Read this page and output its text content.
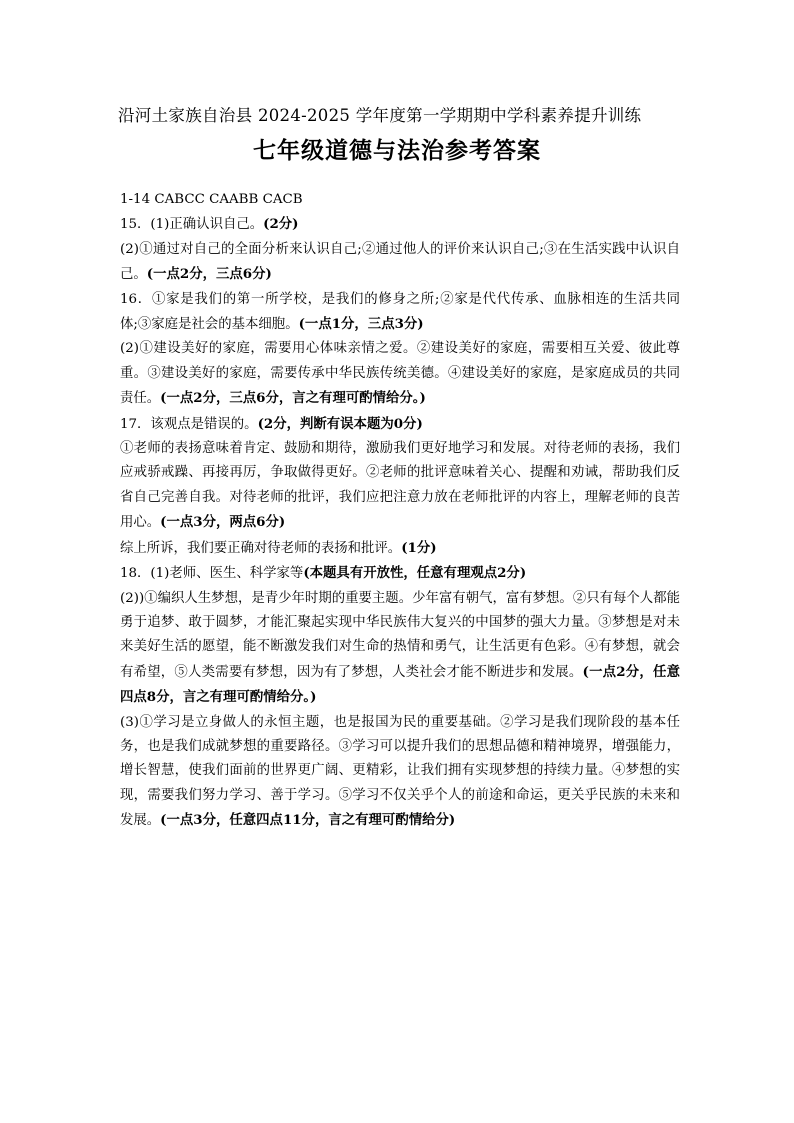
沿河土家族自治县 2024-2025 学年度第一学期期中学科素养提升训练
七年级道德与法治参考答案

1-14 CABCC CAABB CACB

15．(1)正确认识自己。(2分)

(2)①通过对自己的全面分析来认识自己;②通过他人的评价来认识自己;③在生活实践中认识自己。(一点2分，三点6分)

16．①家是我们的第一所学校，是我们的修身之所;②家是代代传承、血脉相连的生活共同体;③家庭是社会的基本细胞。(一点1分，三点3分)

(2)①建设美好的家庭，需要用心体味亲情之爱。②建设美好的家庭，需要相互关爱、彼此尊重。③建设美好的家庭，需要传承中华民族传统美德。④建设美好的家庭，是家庭成员的共同责任。(一点2分，三点6分，言之有理可酌情给分。)

17．该观点是错误的。(2分，判断有误本题为0分)

①老师的表扬意味着肯定、鼓励和期待，激励我们更好地学习和发展。对待老师的表扬，我们应戒骄戒躁、再接再厉，争取做得更好。②老师的批评意味着关心、提醒和劝诫，帮助我们反省自己完善自我。对待老师的批评，我们应把注意力放在老师批评的内容上，理解老师的良苦用心。(一点3分，两点6分)

综上所诉，我们要正确对待老师的表扬和批评。(1分)

18．(1)老师、医生、科学家等(本题具有开放性，任意有理观点2分)

(2))①编织人生梦想，是青少年时期的重要主题。少年富有朝气，富有梦想。②只有每个人都能勇于追梦、敢于圆梦，才能汇聚起实现中华民族伟大复兴的中国梦的强大力量。③梦想是对未来美好生活的愿望，能不断激发我们对生命的热情和勇气，让生活更有色彩。④有梦想，就会有希望，⑤人类需要有梦想，因为有了梦想，人类社会才能不断进步和发展。(一点2分，任意四点8分，言之有理可酌情给分。)

(3)①学习是立身做人的永恒主题，也是报国为民的重要基础。②学习是我们现阶段的基本任务，也是我们成就梦想的重要路径。③学习可以提升我们的思想品德和精神境界，增强能力，增长智慧，使我们面前的世界更广阔、更精彩，让我们拥有实现梦想的持续力量。④梦想的实现，需要我们努力学习、善于学习。⑤学习不仅关乎个人的前途和命运，更关乎民族的未来和发展。(一点3分，任意四点11分，言之有理可酌情给分)
